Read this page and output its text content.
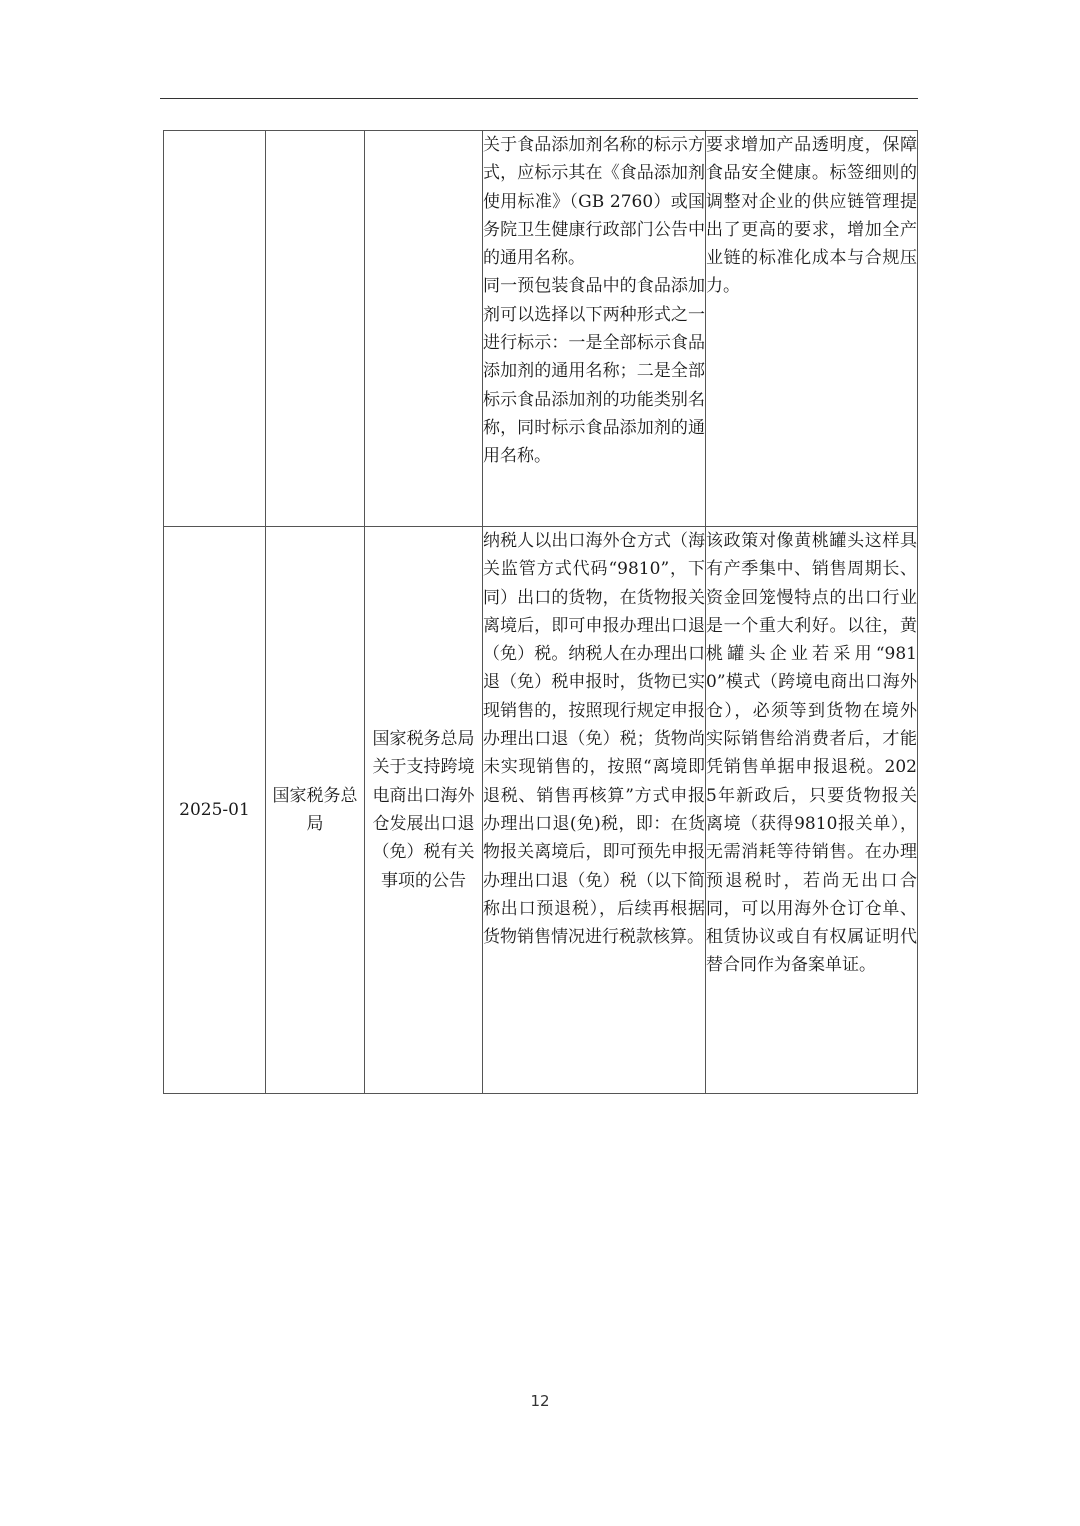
			关于食品添加剂名称的标示方式，应标示其在《食品添加剂使用标准》（GB 2760）或国务院卫生健康行政部门公告中的通用名称。
同一预包装食品中的食品添加剂可以选择以下两种形式之一进行标示：一是全部标示食品添加剂的通用名称；二是全部标示食品添加剂的功能类别名称，同时标示食品添加剂的通用名称。	要求增加产品透明度，保障食品安全健康。标签细则的调整对企业的供应链管理提出了更高的要求，增加全产业链的标准化成本与合规压力。
2025-01	国家税务总局	国家税务总局关于支持跨境电商出口海外仓发展出口退（免）税有关事项的公告	纳税人以出口海外仓方式（海关监管方式代码“9810”，下同）出口的货物，在货物报关离境后，即可申报办理出口退（免）税。纳税人在办理出口退（免）税申报时，货物已实现销售的，按照现行规定申报办理出口退（免）税；货物尚未实现销售的，按照“离境即退税、销售再核算”方式申报办理出口退(免)税，即：在货物报关离境后，即可预先申报办理出口退（免）税（以下简称出口预退税），后续再根据货物销售情况进行税款核算。	该政策对像黄桃罐头这样具有产季集中、销售周期长、资金回笼慢特点的出口行业是一个重大利好。以往，黄桃罐头企业若采用“9810”模式（跨境电商出口海外仓），必须等到货物在境外实际销售给消费者后，才能凭销售单据申报退税。2025年新政后，只要货物报关离境（获得9810报关单），无需消耗等待销售。在办理预退税时，若尚无出口合同，可以用海外仓订仓单、租赁协议或自有权属证明代替合同作为备案单证。
12
